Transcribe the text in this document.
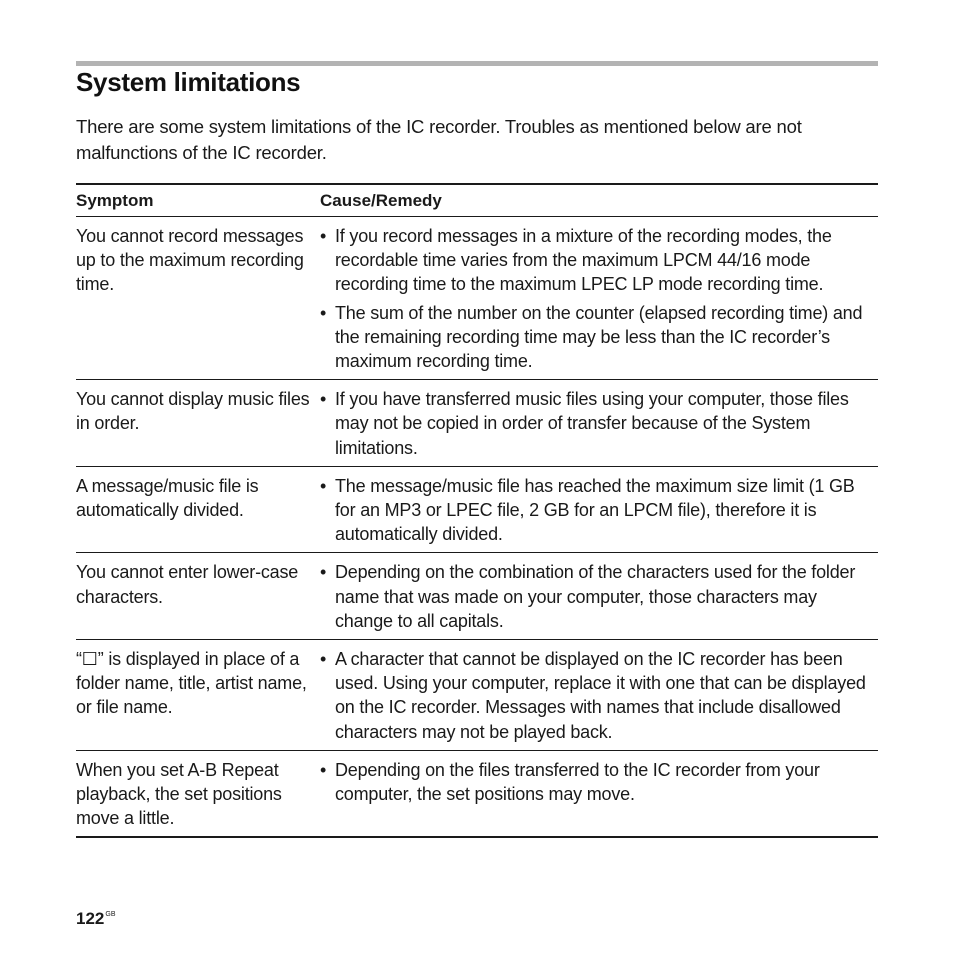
System limitations

There are some system limitations of the IC recorder. Troubles as mentioned below are not malfunctions of the IC recorder.

Symptom	Cause/Remedy
You cannot record messages up to the maximum recording time.
• If you record messages in a mixture of the recording modes, the recordable time varies from the maximum LPCM 44/16 mode recording time to the maximum LPEC LP mode recording time.
• The sum of the number on the counter (elapsed recording time) and the remaining recording time may be less than the IC recorder’s maximum recording time.
You cannot display music files in order.
• If you have transferred music files using your computer, those files may not be copied in order of transfer because of the System limitations.
A message/music file is automatically divided.
• The message/music file has reached the maximum size limit (1 GB for an MP3 or LPEC file, 2 GB for an LPCM file), therefore it is automatically divided.
You cannot enter lower-case characters.
• Depending on the combination of the characters used for the folder name that was made on your computer, those characters may change to all capitals.
“☐” is displayed in place of a folder name, title, artist name, or file name.
• A character that cannot be displayed on the IC recorder has been used. Using your computer, replace it with one that can be displayed on the IC recorder. Messages with names that include disallowed characters may not be played back.
When you set A-B Repeat playback, the set positions move a little.
• Depending on the files transferred to the IC recorder from your computer, the set positions may move.
$122^{GB}$
